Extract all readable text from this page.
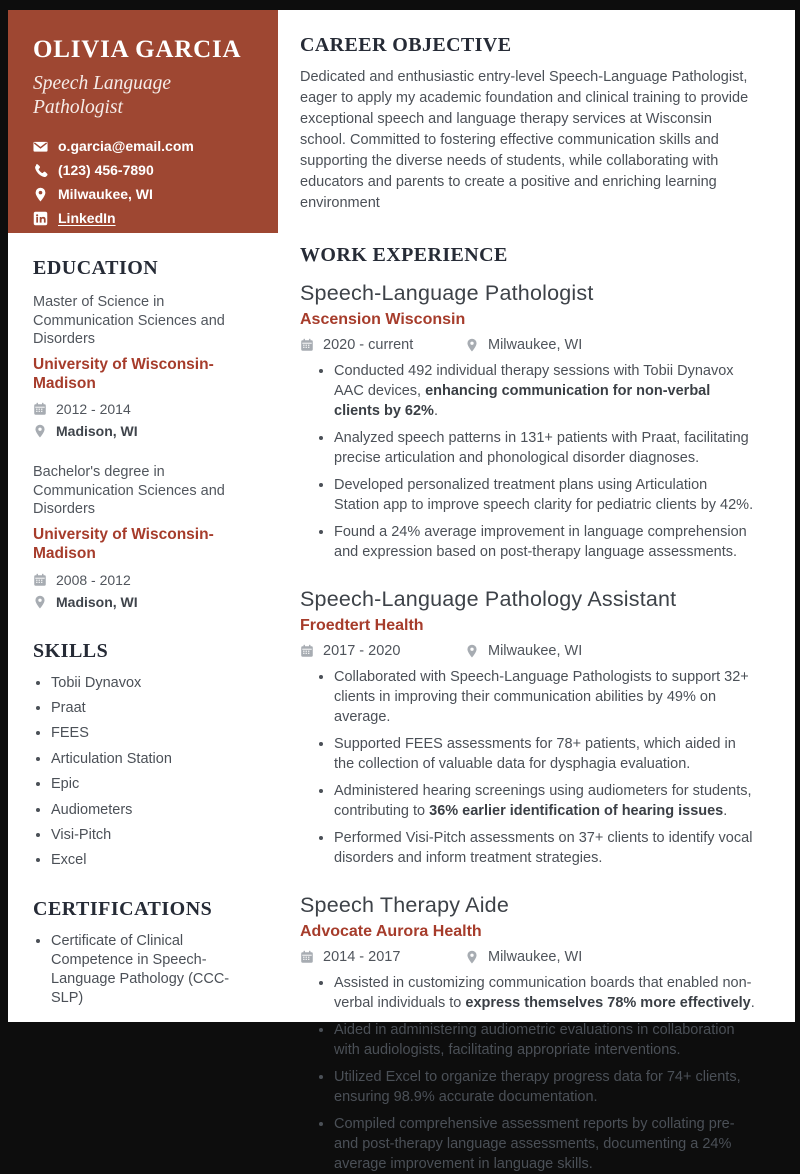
OLIVIA GARCIA
Speech Language Pathologist
o.garcia@email.com
(123) 456-7890
Milwaukee, WI
LinkedIn
EDUCATION
Master of Science in Communication Sciences and Disorders
University of Wisconsin-Madison
2012 - 2014
Madison, WI
Bachelor's degree in Communication Sciences and Disorders
University of Wisconsin-Madison
2008 - 2012
Madison, WI
SKILLS
• Tobii Dynavox
• Praat
• FEES
• Articulation Station
• Epic
• Audiometers
• Visi-Pitch
• Excel
CERTIFICATIONS
• Certificate of Clinical Competence in Speech-Language Pathology (CCC-SLP)
CAREER OBJECTIVE

Dedicated and enthusiastic entry-level Speech-Language Pathologist, eager to apply my academic foundation and clinical training to provide exceptional speech and language therapy services at Wisconsin school. Committed to fostering effective communication skills and supporting the diverse needs of students, while collaborating with educators and parents to create a positive and enriching learning environment

WORK EXPERIENCE
Speech-Language Pathologist
Ascension Wisconsin
2020 - current	Milwaukee, WI
• Conducted 492 individual therapy sessions with Tobii Dynavox AAC devices, enhancing communication for non-verbal clients by 62%.
• Analyzed speech patterns in 131+ patients with Praat, facilitating precise articulation and phonological disorder diagnoses.
• Developed personalized treatment plans using Articulation Station app to improve speech clarity for pediatric clients by 42%.
• Found a 24% average improvement in language comprehension and expression based on post-therapy language assessments.
Speech-Language Pathology Assistant
Froedtert Health
2017 - 2020	Milwaukee, WI
• Collaborated with Speech-Language Pathologists to support 32+ clients in improving their communication abilities by 49% on average.
• Supported FEES assessments for 78+ patients, which aided in the collection of valuable data for dysphagia evaluation.
• Administered hearing screenings using audiometers for students, contributing to 36% earlier identification of hearing issues.
• Performed Visi-Pitch assessments on 37+ clients to identify vocal disorders and inform treatment strategies.
Speech Therapy Aide
Advocate Aurora Health
2014 - 2017	Milwaukee, WI
• Assisted in customizing communication boards that enabled non-verbal individuals to express themselves 78% more effectively.
• Aided in administering audiometric evaluations in collaboration with audiologists, facilitating appropriate interventions.
• Utilized Excel to organize therapy progress data for 74+ clients, ensuring 98.9% accurate documentation.
• Compiled comprehensive assessment reports by collating pre- and post-therapy language assessments, documenting a 24% average improvement in language skills.
